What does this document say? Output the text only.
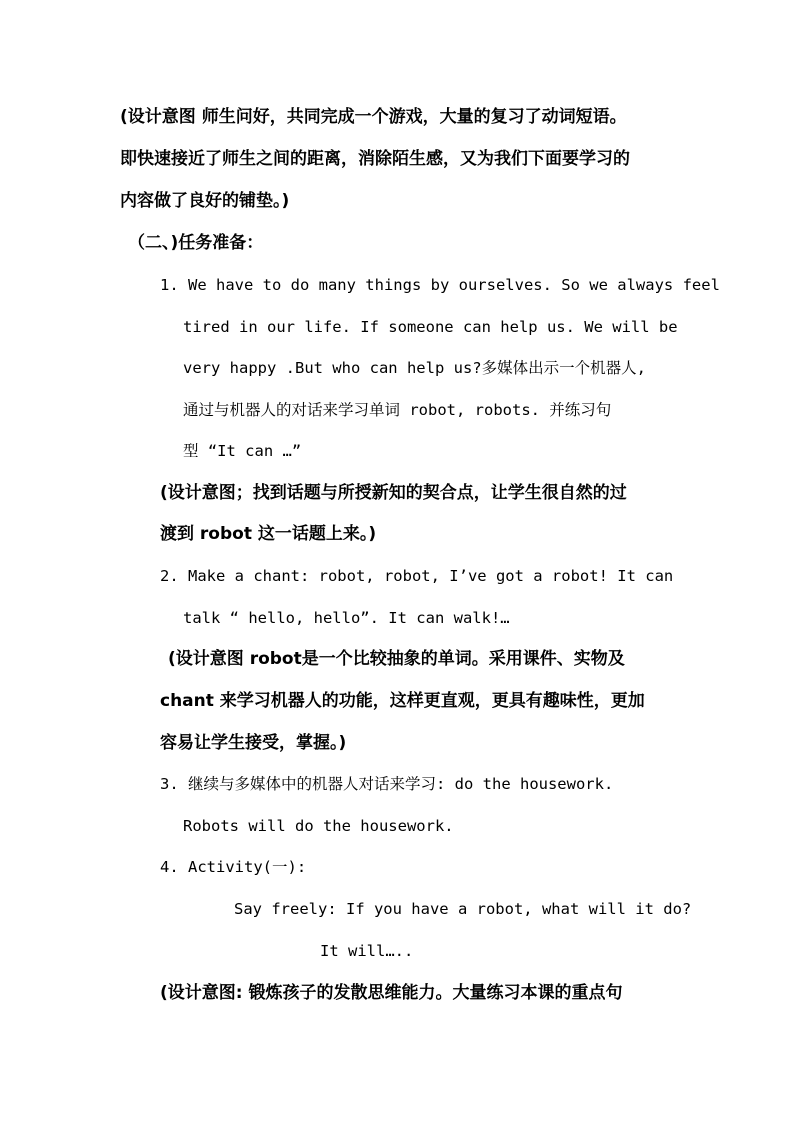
(设计意图 师生问好，共同完成一个游戏，大量的复习了动词短语。
即快速接近了师生之间的距离，消除陌生感，又为我们下面要学习的
内容做了良好的铺垫。)
（二、)任务准备：
1. We have to do many things by ourselves. So we always feel
tired in our life. If someone can help us. We will be
very happy .But who can help us?多媒体出示一个机器人,
通过与机器人的对话来学习单词 robot, robots. 并练习句
型 “It can …”
(设计意图；找到话题与所授新知的契合点，让学生很自然的过
渡到 robot 这一话题上来。)
2. Make a chant: robot, robot, I’ve got a robot! It can
talk “ hello, hello”. It can walk!…
(设计意图 robot是一个比较抽象的单词。采用课件、实物及
chant 来学习机器人的功能，这样更直观，更具有趣味性，更加
容易让学生接受，掌握。)
3. 继续与多媒体中的机器人对话来学习: do the housework.
Robots will do the housework.
4. Activity(一):
Say freely: If you have a robot, what will it do?
It will…..
(设计意图: 锻炼孩子的发散思维能力。大量练习本课的重点句
